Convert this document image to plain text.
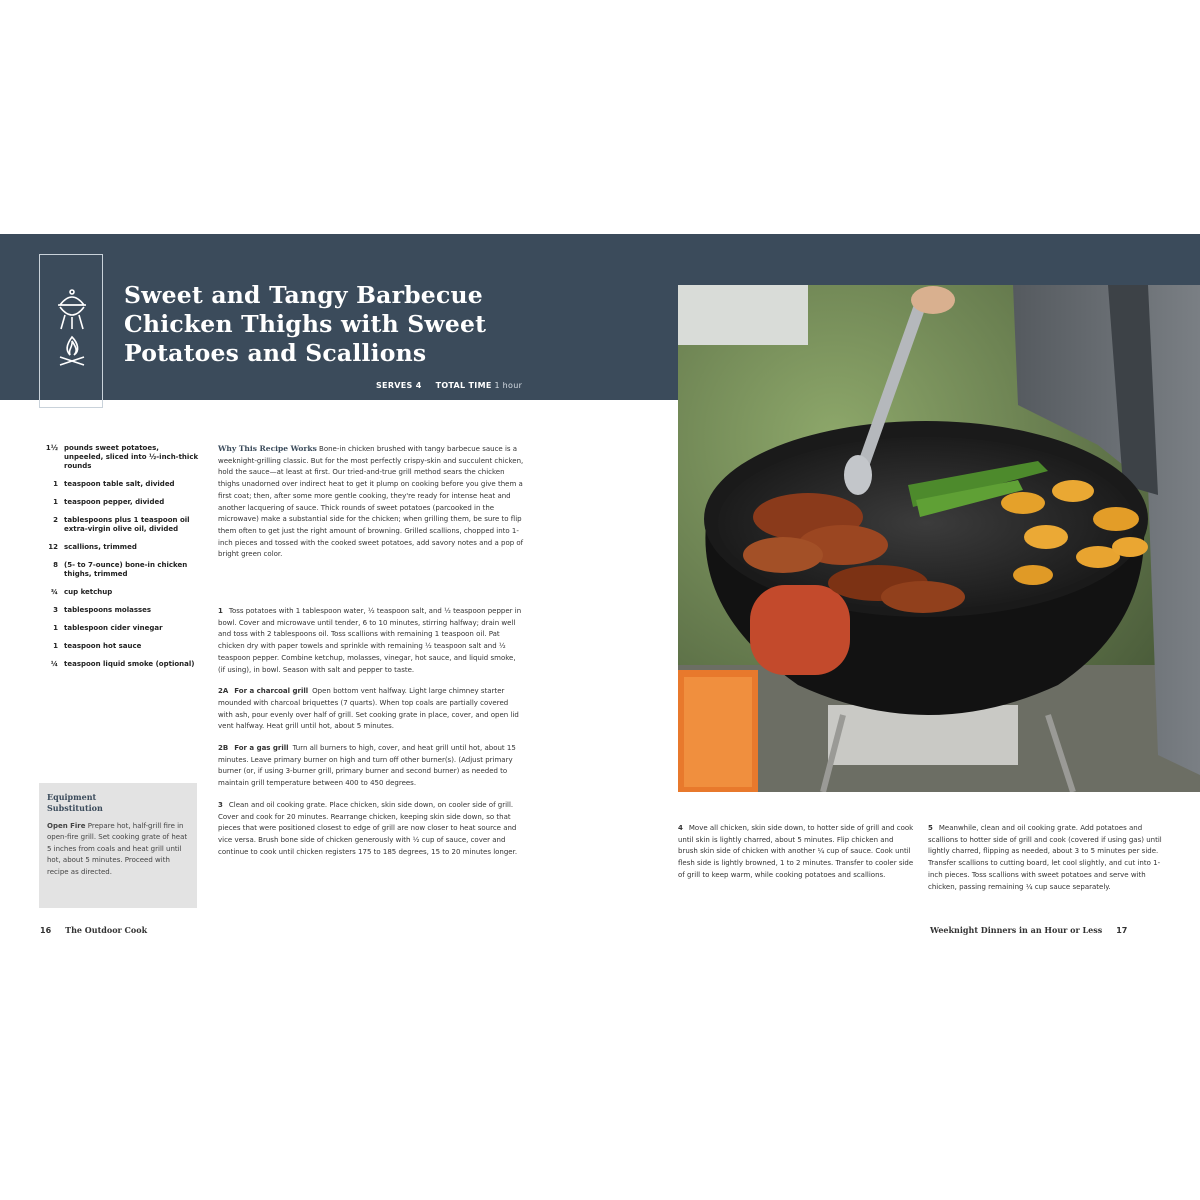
Sweet and Tangy Barbecue
Chicken Thighs with Sweet
Potatoes and Scallions
SERVES 4 TOTAL TIME 1 hour
1½ pounds sweet potatoes, unpeeled, sliced into ½-inch-thick rounds
1 teaspoon table salt, divided
1 teaspoon pepper, divided
2 tablespoons plus 1 teaspoon oil extra-virgin olive oil, divided
12 scallions, trimmed
8 (5- to 7-ounce) bone-in chicken thighs, trimmed
¾ cup ketchup
3 tablespoons molasses
1 tablespoon cider vinegar
1 teaspoon hot sauce
¼ teaspoon liquid smoke (optional)
Why This Recipe Works Bone-in chicken brushed with tangy barbecue sauce is a weeknight-grilling classic. But for the most perfectly crispy-skin and succulent chicken, hold the sauce—at least at first. Our tried-and-true grill method sears the chicken thighs unadorned over indirect heat to get it plump on cooking before you give them a first coat; then, after some more gentle cooking, they're ready for intense heat and another lacquering of sauce. Thick rounds of sweet potatoes (parcooked in the microwave) make a substantial side for the chicken; when grilling them, be sure to flip them often to get just the right amount of browning. Grilled scallions, chopped into 1-inch pieces and tossed with the cooked sweet potatoes, add savory notes and a pop of bright green color.
1 Toss potatoes with 1 tablespoon water, ½ teaspoon salt, and ½ teaspoon pepper in bowl. Cover and microwave until tender, 6 to 10 minutes, stirring halfway; drain well and toss with 2 tablespoons oil. Toss scallions with remaining 1 teaspoon oil. Pat chicken dry with paper towels and sprinkle with remaining ½ teaspoon salt and ½ teaspoon pepper. Combine ketchup, molasses, vinegar, hot sauce, and liquid smoke, (if using), in bowl. Season with salt and pepper to taste.
2A For a charcoal grill Open bottom vent halfway. Light large chimney starter mounded with charcoal briquettes (7 quarts). When top coals are partially covered with ash, pour evenly over half of grill. Set cooking grate in place, cover, and open lid vent halfway. Heat grill until hot, about 5 minutes.
2B For a gas grill Turn all burners to high, cover, and heat grill until hot, about 15 minutes. Leave primary burner on high and turn off other burner(s). (Adjust primary burner (or, if using 3-burner grill, primary burner and second burner) as needed to maintain grill temperature between 400 to 450 degrees.
3 Clean and oil cooking grate. Place chicken, skin side down, on cooler side of grill. Cover and cook for 20 minutes. Rearrange chicken, keeping skin side down, so that pieces that were positioned closest to edge of grill are now closer to heat source and vice versa. Brush bone side of chicken generously with ½ cup of sauce, cover and continue to cook until chicken registers 175 to 185 degrees, 15 to 20 minutes longer.
Equipment Substitution
Open Fire Prepare hot, half-grill fire in open-fire grill. Set cooking grate of heat 5 inches from coals and heat grill until hot, about 5 minutes. Proceed with recipe as directed.
4 Move all chicken, skin side down, to hotter side of grill and cook until skin is lightly charred, about 5 minutes. Flip chicken and brush skin side of chicken with another ¼ cup of sauce. Cook until flesh side is lightly browned, 1 to 2 minutes. Transfer to cooler side of grill to keep warm, while cooking potatoes and scallions.
5 Meanwhile, clean and oil cooking grate. Add potatoes and scallions to hotter side of grill and cook (covered if using gas) until lightly charred, flipping as needed, about 3 to 5 minutes per side. Transfer scallions to cutting board, let cool slightly, and cut into 1-inch pieces. Toss scallions with sweet potatoes and serve with chicken, passing remaining ¼ cup sauce separately.
16 The Outdoor Cook	Weeknight Dinners in an Hour or Less 17
